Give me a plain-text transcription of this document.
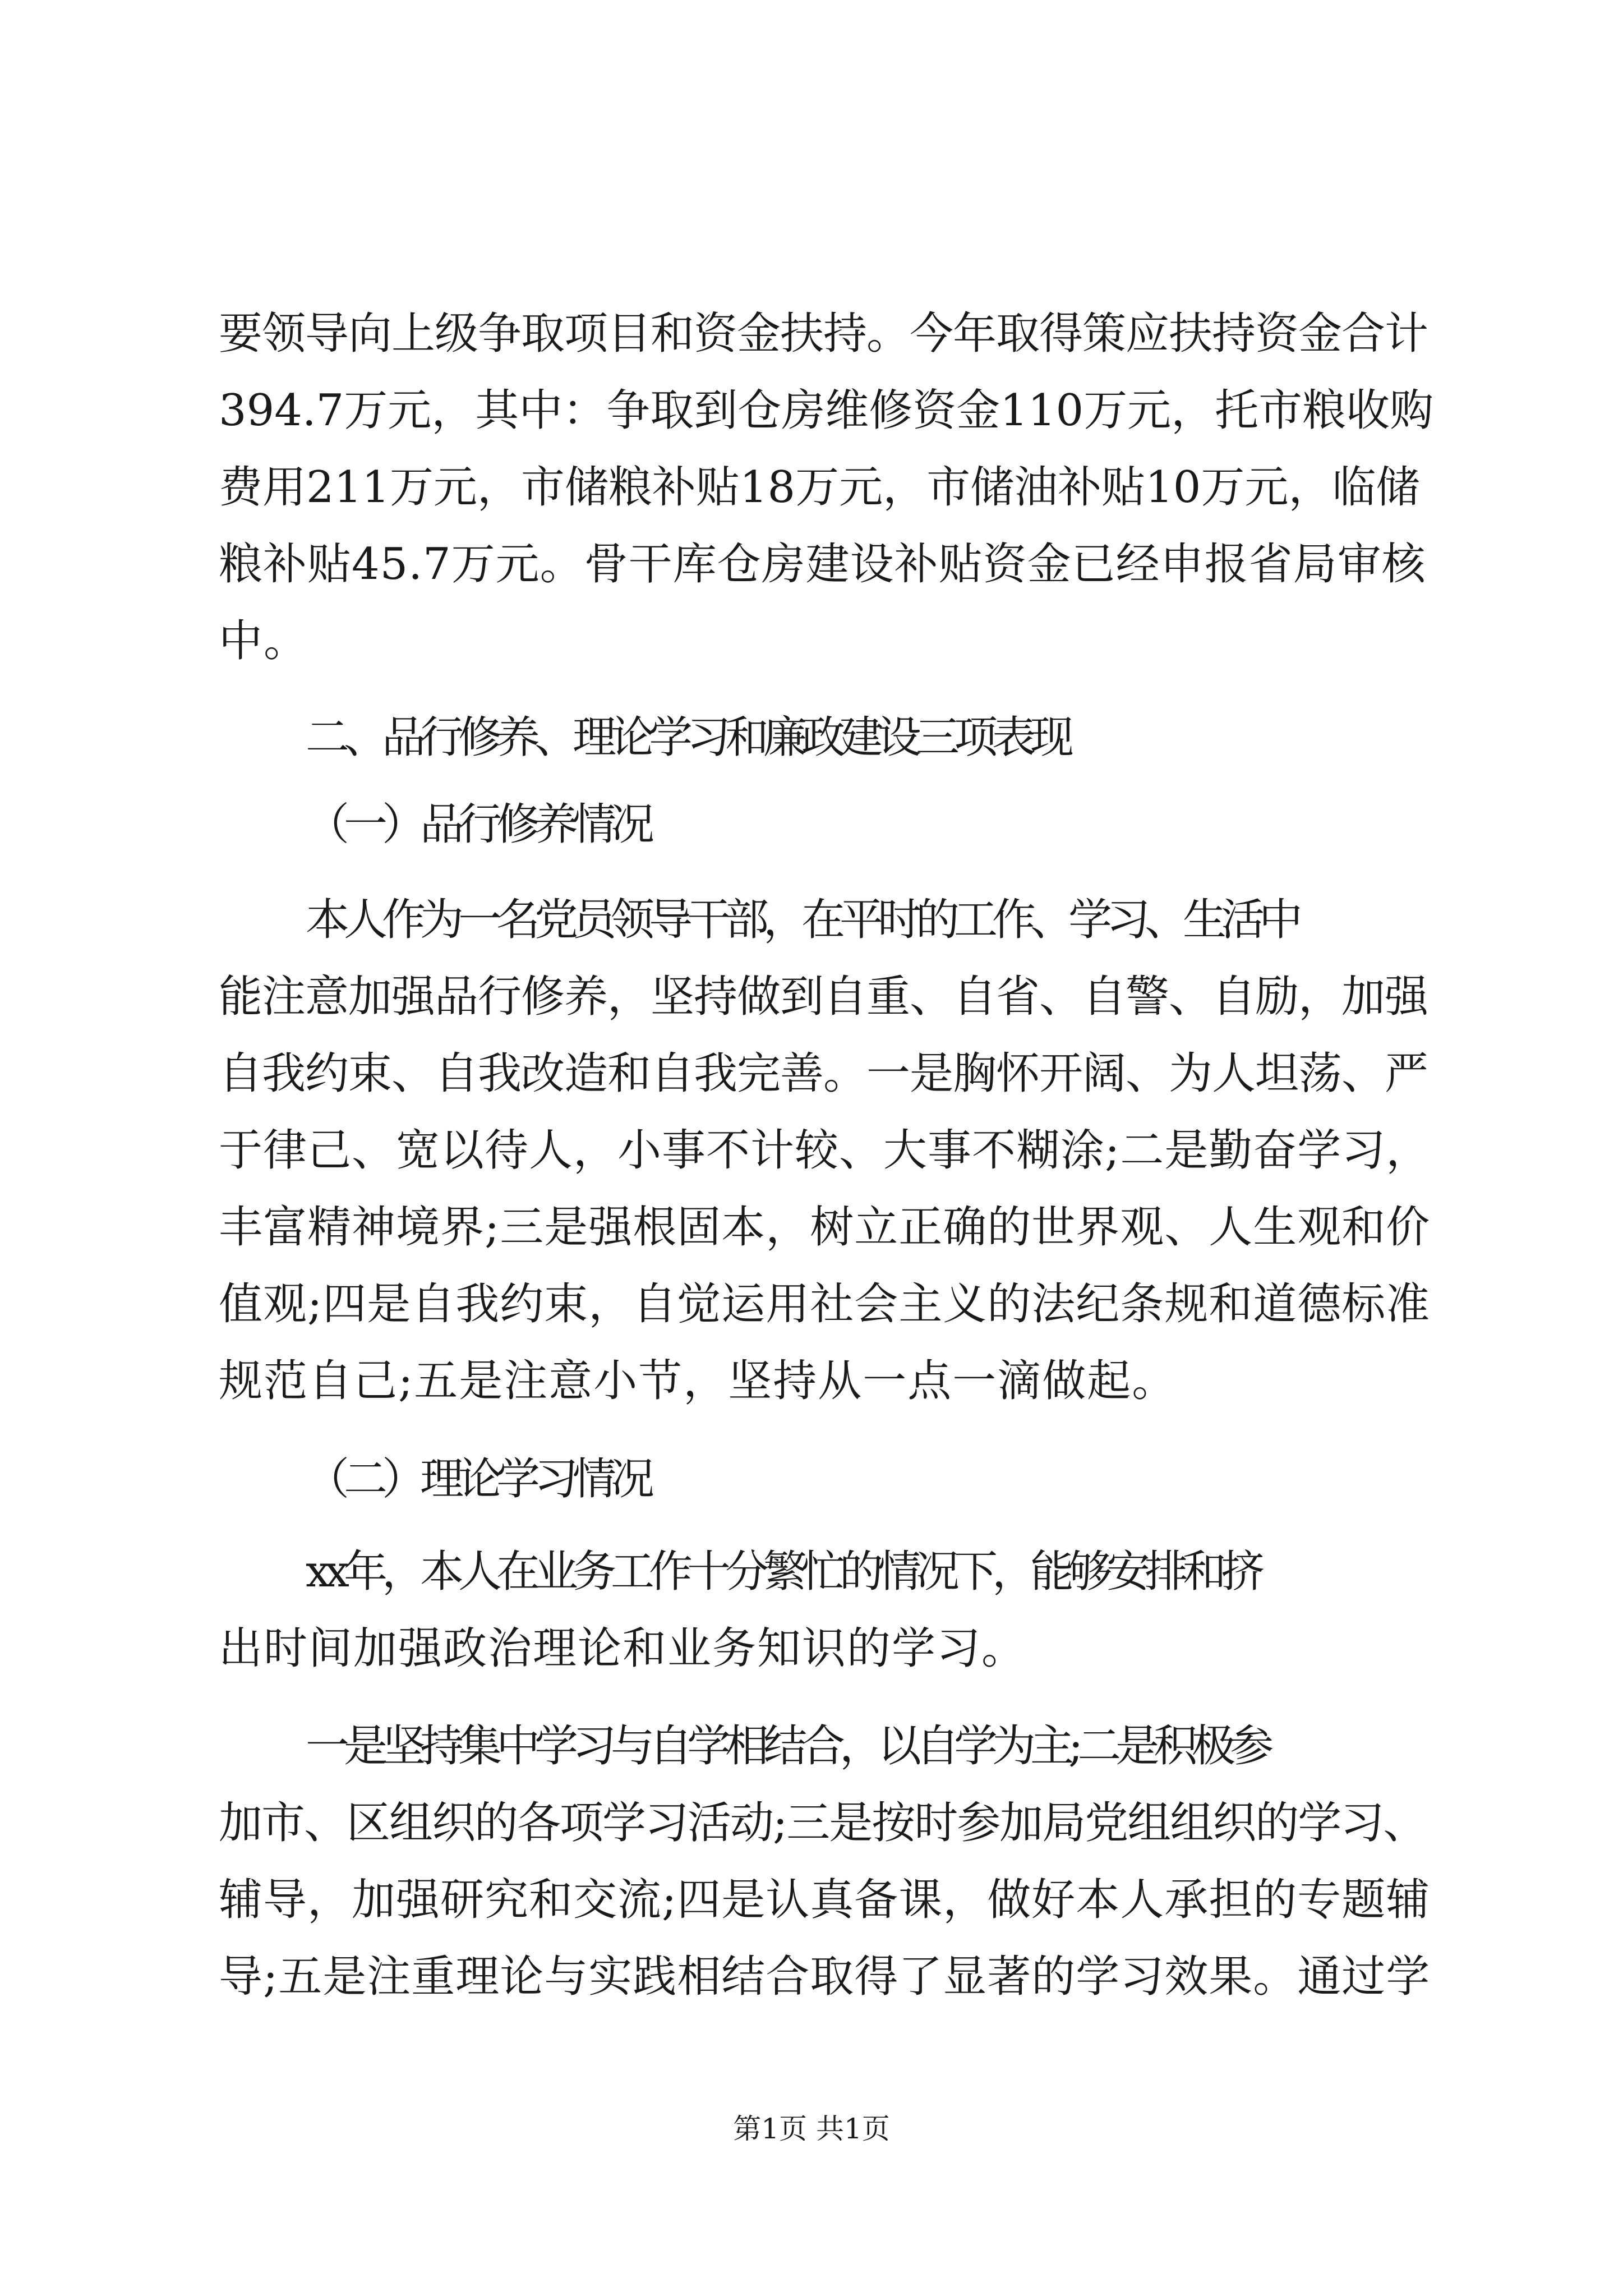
要领导向上级争取项目和资金扶持。今年取得策应扶持资金合计
394.7万元，其中：争取到仓房维修资金110万元，托市粮收购
费用211万元，市储粮补贴18万元，市储油补贴10万元，临储
粮补贴45.7万元。骨干库仓房建设补贴资金已经申报省局审核
中。
二、品行修养、理论学习和廉政建设三项表现
（一）品行修养情况
本人作为一名党员领导干部，在平时的工作、学习、生活中
能注意加强品行修养，坚持做到自重、自省、自警、自励，加强
自我约束、自我改造和自我完善。一是胸怀开阔、为人坦荡、严
于律己、宽以待人，小事不计较、大事不糊涂;二是勤奋学习，
丰富精神境界;三是强根固本，树立正确的世界观、人生观和价
值观;四是自我约束，自觉运用社会主义的法纪条规和道德标准
规范自己;五是注意小节，坚持从一点一滴做起。
（二）理论学习情况
xx年，本人在业务工作十分繁忙的情况下，能够安排和挤
出时间加强政治理论和业务知识的学习。
一是坚持集中学习与自学相结合，以自学为主;二是积极参
加市、区组织的各项学习活动;三是按时参加局党组组织的学习、
辅导，加强研究和交流;四是认真备课，做好本人承担的专题辅
导;五是注重理论与实践相结合取得了显著的学习效果。通过学
第1页 共1页
